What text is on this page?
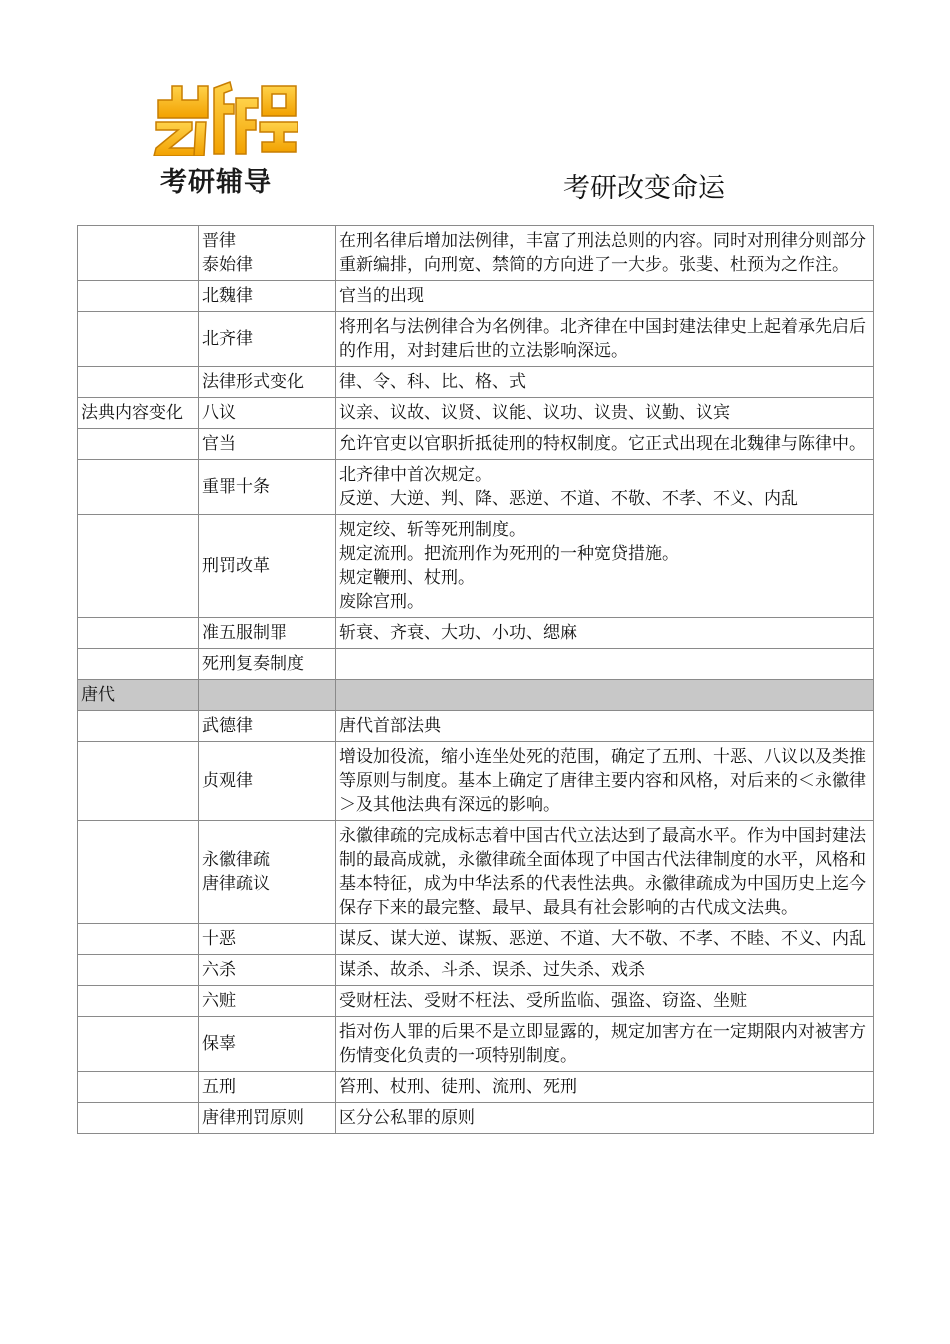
考研辅导	考研改变命运

	晋律
泰始律	在刑名律后增加法例律，丰富了刑法总则的内容。同时对刑律分则部分重新编排，向刑宽、禁简的方向进了一大步。张斐、杜预为之作注。

	北魏律	官当的出现

	北齐律	将刑名与法例律合为名例律。北齐律在中国封建法律史上起着承先启后的作用，对封建后世的立法影响深远。

	法律形式变化	律、令、科、比、格、式

法典内容变化	八议	议亲、议故、议贤、议能、议功、议贵、议勤、议宾

	官当	允许官吏以官职折抵徒刑的特权制度。它正式出现在北魏律与陈律中。

	重罪十条	北齐律中首次规定。
反逆、大逆、判、降、恶逆、不道、不敬、不孝、不义、内乱

	刑罚改革	规定绞、斩等死刑制度。
规定流刑。把流刑作为死刑的一种宽贷措施。
规定鞭刑、杖刑。
废除宫刑。

	准五服制罪	斩衰、齐衰、大功、小功、缌麻

	死刑复奏制度	

唐代	

	武德律	唐代首部法典

	贞观律	增设加役流，缩小连坐处死的范围，确定了五刑、十恶、八议以及类推等原则与制度。基本上确定了唐律主要内容和风格，对后来的＜永徽律＞及其他法典有深远的影响。

	永徽律疏
唐律疏议	永徽律疏的完成标志着中国古代立法达到了最高水平。作为中国封建法制的最高成就，永徽律疏全面体现了中国古代法律制度的水平，风格和基本特征，成为中华法系的代表性法典。永徽律疏成为中国历史上迄今保存下来的最完整、最早、最具有社会影响的古代成文法典。

	十恶	谋反、谋大逆、谋叛、恶逆、不道、大不敬、不孝、不睦、不义、内乱

	六杀	谋杀、故杀、斗杀、误杀、过失杀、戏杀

	六赃	受财枉法、受财不枉法、受所监临、强盗、窃盗、坐赃

	保辜	指对伤人罪的后果不是立即显露的，规定加害方在一定期限内对被害方伤情变化负责的一项特别制度。

	五刑	笞刑、杖刑、徒刑、流刑、死刑

	唐律刑罚原则	区分公私罪的原则
